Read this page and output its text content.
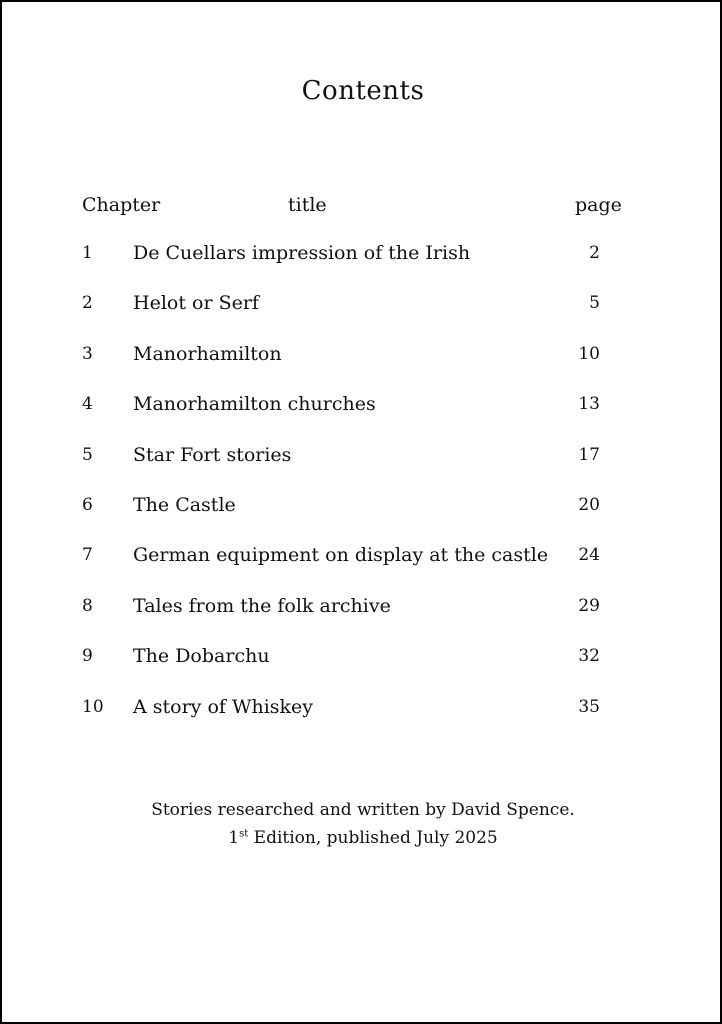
Contents
Chapter	title	page
1	De Cuellars impression of the Irish	2
2	Helot or Serf	5
3	Manorhamilton	10
4	Manorhamilton churches	13
5	Star Fort stories	17
6	The Castle	20
7	German equipment on display at the castle	24
8	Tales from the folk archive	29
9	The Dobarchu	32
10	A story of Whiskey	35
Stories researched and written by David Spence.
1st Edition, published July 2025
